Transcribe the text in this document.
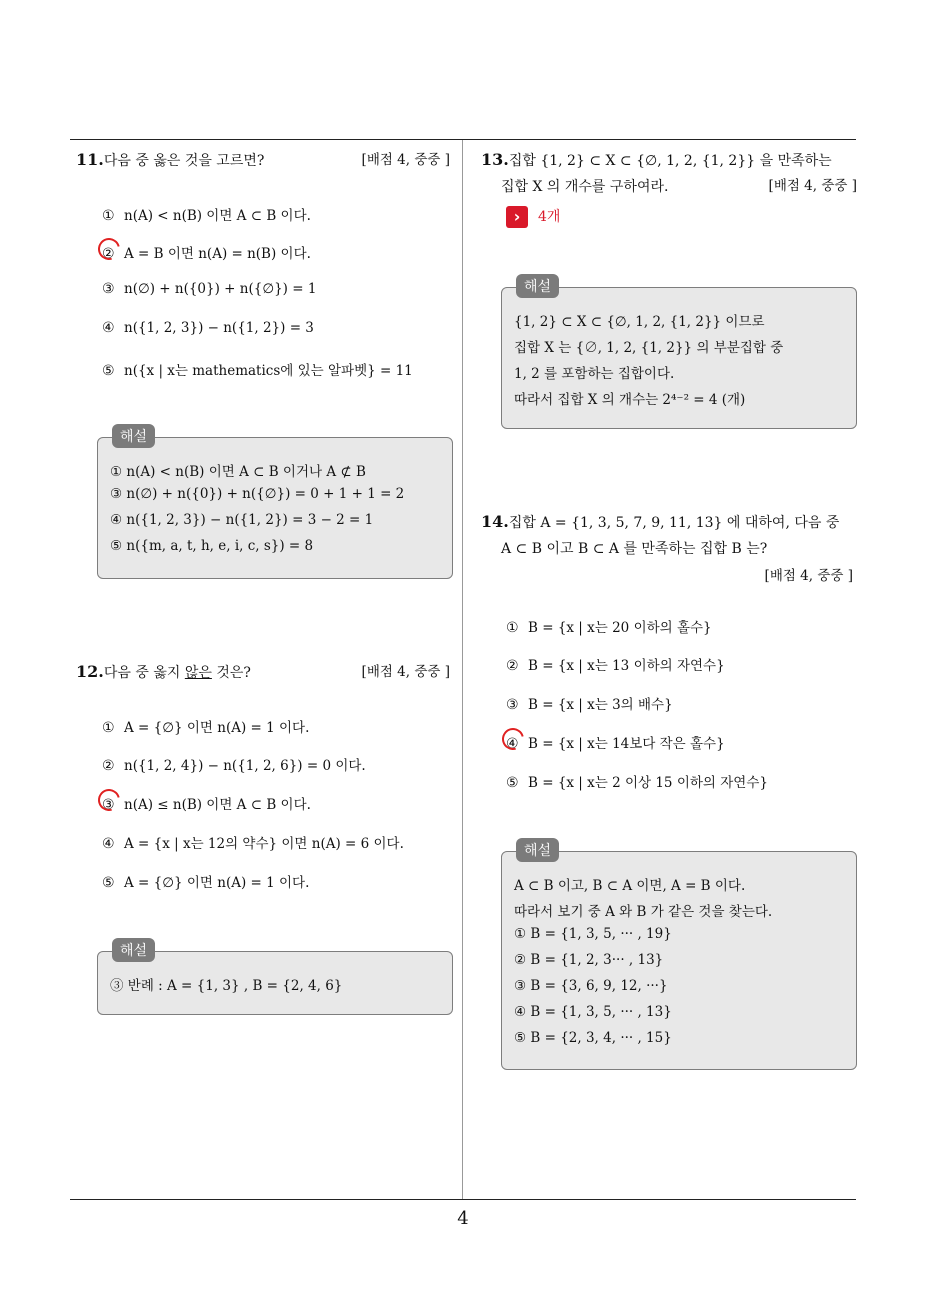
4
11.다음 중 옳은 것을 고르면?	[배점 4, 중중 ]
① n(A) < n(B) 이면 A ⊂ B 이다.
② A = B 이면 n(A) = n(B) 이다.
③ n(∅) + n({0}) + n({∅}) = 1
④ n({1, 2, 3}) − n({1, 2}) = 3
⑤ n({x | x는 mathematics에 있는 알파벳} = 11
해설
① n(A) < n(B) 이면 A ⊂ B 이거나 A ⊄ B
③ n(∅) + n({0}) + n({∅}) = 0 + 1 + 1 = 2
④ n({1, 2, 3}) − n({1, 2}) = 3 − 2 = 1
⑤ n({m, a, t, h, e, i, c, s}) = 8
12.다음 중 옳지 않은 것은?	[배점 4, 중중 ]
① A = {∅} 이면 n(A) = 1 이다.
② n({1, 2, 4}) − n({1, 2, 6}) = 0 이다.
③ n(A) ≤ n(B) 이면 A ⊂ B 이다.
④ A = {x | x는 12의 약수} 이면 n(A) = 6 이다.
⑤ A = {∅} 이면 n(A) = 1 이다.
해설
③ 반례 : A = {1, 3} , B = {2, 4, 6}
13.집합 {1, 2} ⊂ X ⊂ {∅, 1, 2, {1, 2}} 을 만족하는
집합 X 의 개수를 구하여라.	[배점 4, 중중 ]
›	4개
해설
{1, 2} ⊂ X ⊂ {∅, 1, 2, {1, 2}} 이므로
집합 X 는 {∅, 1, 2, {1, 2}} 의 부분집합 중
1, 2 를 포함하는 집합이다.
따라서 집합 X 의 개수는 2⁴⁻² = 4 (개)
14.집합 A = {1, 3, 5, 7, 9, 11, 13} 에 대하여, 다음 중
A ⊂ B 이고 B ⊂ A 를 만족하는 집합 B 는?
[배점 4, 중중 ]
① B = {x | x는 20 이하의 홀수}
② B = {x | x는 13 이하의 자연수}
③ B = {x | x는 3의 배수}
④ B = {x | x는 14보다 작은 홀수}
⑤ B = {x | x는 2 이상 15 이하의 자연수}
해설
A ⊂ B 이고, B ⊂ A 이면, A = B 이다.
따라서 보기 중 A 와 B 가 같은 것을 찾는다.
① B = {1, 3, 5, ··· , 19}
② B = {1, 2, 3··· , 13}
③ B = {3, 6, 9, 12, ···}
④ B = {1, 3, 5, ··· , 13}
⑤ B = {2, 3, 4, ··· , 15}
